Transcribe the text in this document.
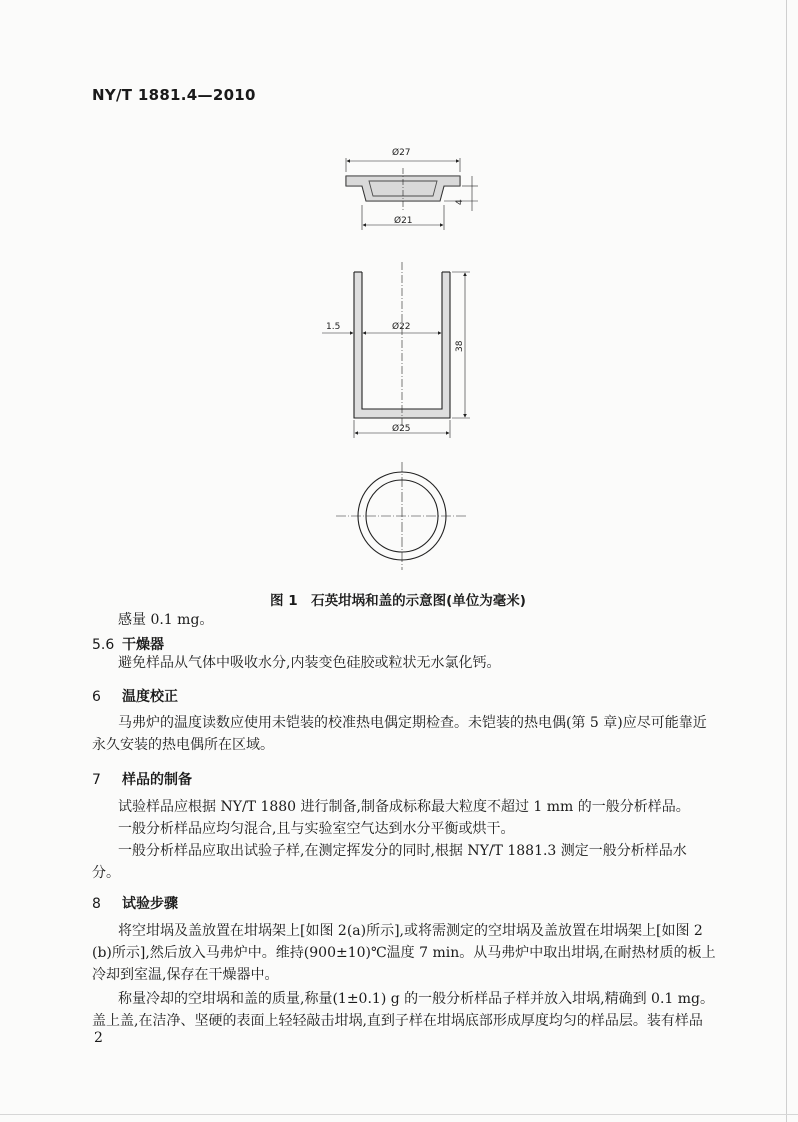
NY/T 1881.4—2010
Ø27
Ø21
4
1.5	Ø22
38
Ø25
图 1　石英坩埚和盖的示意图(单位为毫米)
感量 0.1 mg。
5.6 干燥器
避免样品从气体中吸收水分,内装变色硅胶或粒状无水氯化钙。
6 温度校正
马弗炉的温度读数应使用未铠装的校准热电偶定期检查。未铠装的热电偶(第 5 章)应尽可能靠近
永久安装的热电偶所在区域。
7 样品的制备
试验样品应根据 NY/T 1880 进行制备,制备成标称最大粒度不超过 1 mm 的一般分析样品。
一般分析样品应均匀混合,且与实验室空气达到水分平衡或烘干。
一般分析样品应取出试验子样,在测定挥发分的同时,根据 NY/T 1881.3 测定一般分析样品水
分。
8 试验步骤
将空坩埚及盖放置在坩埚架上[如图 2(a)所示],或将需测定的空坩埚及盖放置在坩埚架上[如图 2
(b)所示],然后放入马弗炉中。维持(900±10)℃温度 7 min。从马弗炉中取出坩埚,在耐热材质的板上
冷却到室温,保存在干燥器中。
称量冷却的空坩埚和盖的质量,称量(1±0.1) g 的一般分析样品子样并放入坩埚,精确到 0.1 mg。
盖上盖,在洁净、坚硬的表面上轻轻敲击坩埚,直到子样在坩埚底部形成厚度均匀的样品层。装有样品
2
